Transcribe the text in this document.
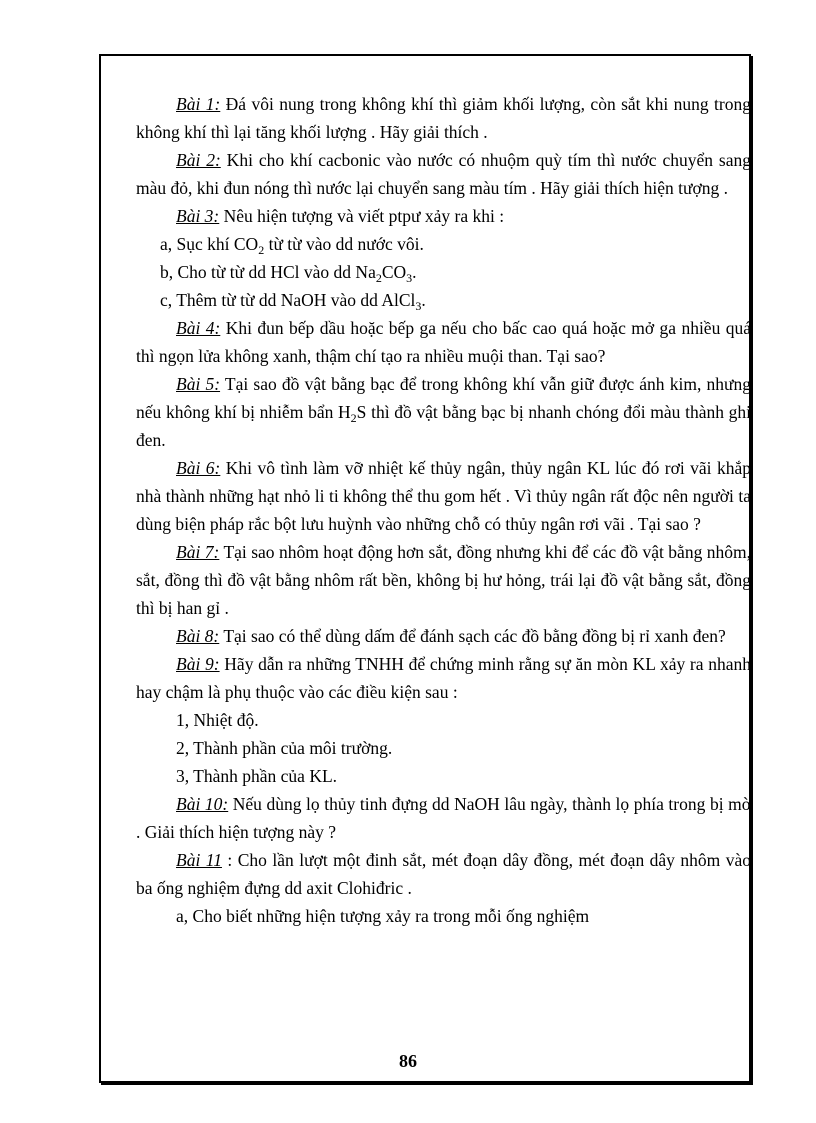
Bài 1: Đá vôi nung trong không khí thì giảm khối lượng, còn sắt khi nung trong không khí thì lại tăng khối lượng . Hãy giải thích .

Bài 2: Khi cho khí cacbonic vào nước có nhuộm quỳ tím thì nước chuyển sang màu đỏ, khi đun nóng thì nước lại chuyển sang màu tím . Hãy giải thích hiện tượng .

Bài 3: Nêu hiện tượng và viết ptpư xảy ra khi :

a, Sục khí $CO_2$ từ từ vào dd nước vôi.

b, Cho từ từ dd HCl vào dd $Na_2CO_3$.

c, Thêm từ từ dd NaOH vào dd AlCl$_3$.

Bài 4: Khi đun bếp dầu hoặc bếp ga nếu cho bấc cao quá hoặc mở ga nhiều quá thì ngọn lửa không xanh, thậm chí tạo ra nhiều muội than. Tại sao?

Bài 5: Tại sao đồ vật bằng bạc để trong không khí vẫn giữ được ánh kim, nhưng nếu không khí bị nhiễm bẩn $H_2S$ thì đồ vật bằng bạc bị nhanh chóng đổi màu thành ghi đen.

Bài 6: Khi vô tình làm vỡ nhiệt kế thủy ngân, thủy ngân KL lúc đó rơi vãi khắp nhà thành những hạt nhỏ li ti không thể thu gom hết . Vì thủy ngân rất độc nên người ta dùng biện pháp rắc bột lưu huỳnh vào những chỗ có thủy ngân rơi vãi . Tại sao ?

Bài 7: Tại sao nhôm hoạt động hơn sắt, đồng nhưng khi để các đồ vật bằng nhôm, sắt, đồng thì đồ vật bằng nhôm rất bền, không bị hư hỏng, trái lại đồ vật bằng sắt, đồng thì bị han gỉ .

Bài 8: Tại sao có thể dùng dấm để đánh sạch các đồ bằng đồng bị rỉ xanh đen?

Bài 9: Hãy dẫn ra những TNHH để chứng minh rằng sự ăn mòn KL xảy ra nhanh hay chậm là phụ thuộc vào các điều kiện sau :

1, Nhiệt độ.

2, Thành phần của môi trường.

3, Thành phần của KL.

Bài 10: Nếu dùng lọ thủy tinh đựng dd NaOH lâu ngày, thành lọ phía trong bị mờ . Giải thích hiện tượng này ?

Bài 11 : Cho lần lượt một đinh sắt, mét đoạn dây đồng, mét đoạn dây nhôm vào ba ống nghiệm đựng dd axit Clohiđric .

a, Cho biết những hiện tượng xảy ra trong mỗi ống nghiệm

86
